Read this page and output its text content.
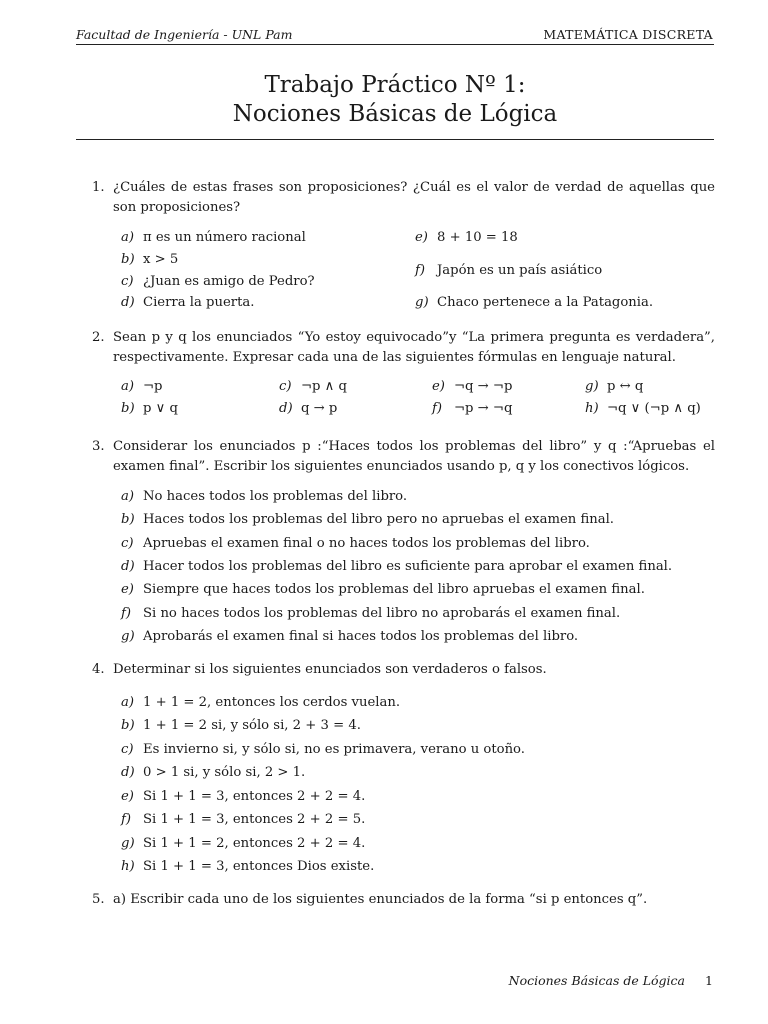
Facultad de Ingeniería - UNL Pam	MATEMÁTICA DISCRETA
Trabajo Práctico Nº 1:
Nociones Básicas de Lógica
1. ¿Cuáles de estas frases son proposiciones? ¿Cuál es el valor de verdad de aquellas que son proposiciones?
a) π es un número racional
b) x > 5
c) ¿Juan es amigo de Pedro?
d) Cierra la puerta.
e) 8 + 10 = 18
f) Japón es un país asiático
g) Chaco pertenece a la Patagonia.
2. Sean p y q los enunciados “Yo estoy equivocado”y “La primera pregunta es verdadera”, respectivamente. Expresar cada una de las siguientes fórmulas en lenguaje natural.
a) ¬p
b) p ∨ q
c) ¬p ∧ q
d) q → p
e) ¬q → ¬p
f) ¬p → ¬q
g) p ↔ q
h) ¬q ∨ (¬p ∧ q)
3. Considerar los enunciados p :“Haces todos los problemas del libro” y q :“Apruebas el examen final”. Escribir los siguientes enunciados usando p, q y los conectivos lógicos.
a) No haces todos los problemas del libro.
b) Haces todos los problemas del libro pero no apruebas el examen final.
c) Apruebas el examen final o no haces todos los problemas del libro.
d) Hacer todos los problemas del libro es suficiente para aprobar el examen final.
e) Siempre que haces todos los problemas del libro apruebas el examen final.
f) Si no haces todos los problemas del libro no aprobarás el examen final.
g) Aprobarás el examen final si haces todos los problemas del libro.
4. Determinar si los siguientes enunciados son verdaderos o falsos.
a) 1 + 1 = 2, entonces los cerdos vuelan.
b) 1 + 1 = 2 si, y sólo si, 2 + 3 = 4.
c) Es invierno si, y sólo si, no es primavera, verano u otoño.
d) 0 > 1 si, y sólo si, 2 > 1.
e) Si 1 + 1 = 3, entonces 2 + 2 = 4.
f) Si 1 + 1 = 3, entonces 2 + 2 = 5.
g) Si 1 + 1 = 2, entonces 2 + 2 = 4.
h) Si 1 + 1 = 3, entonces Dios existe.
5. a) Escribir cada uno de los siguientes enunciados de la forma “si p entonces q”.
Nociones Básicas de Lógica 1
